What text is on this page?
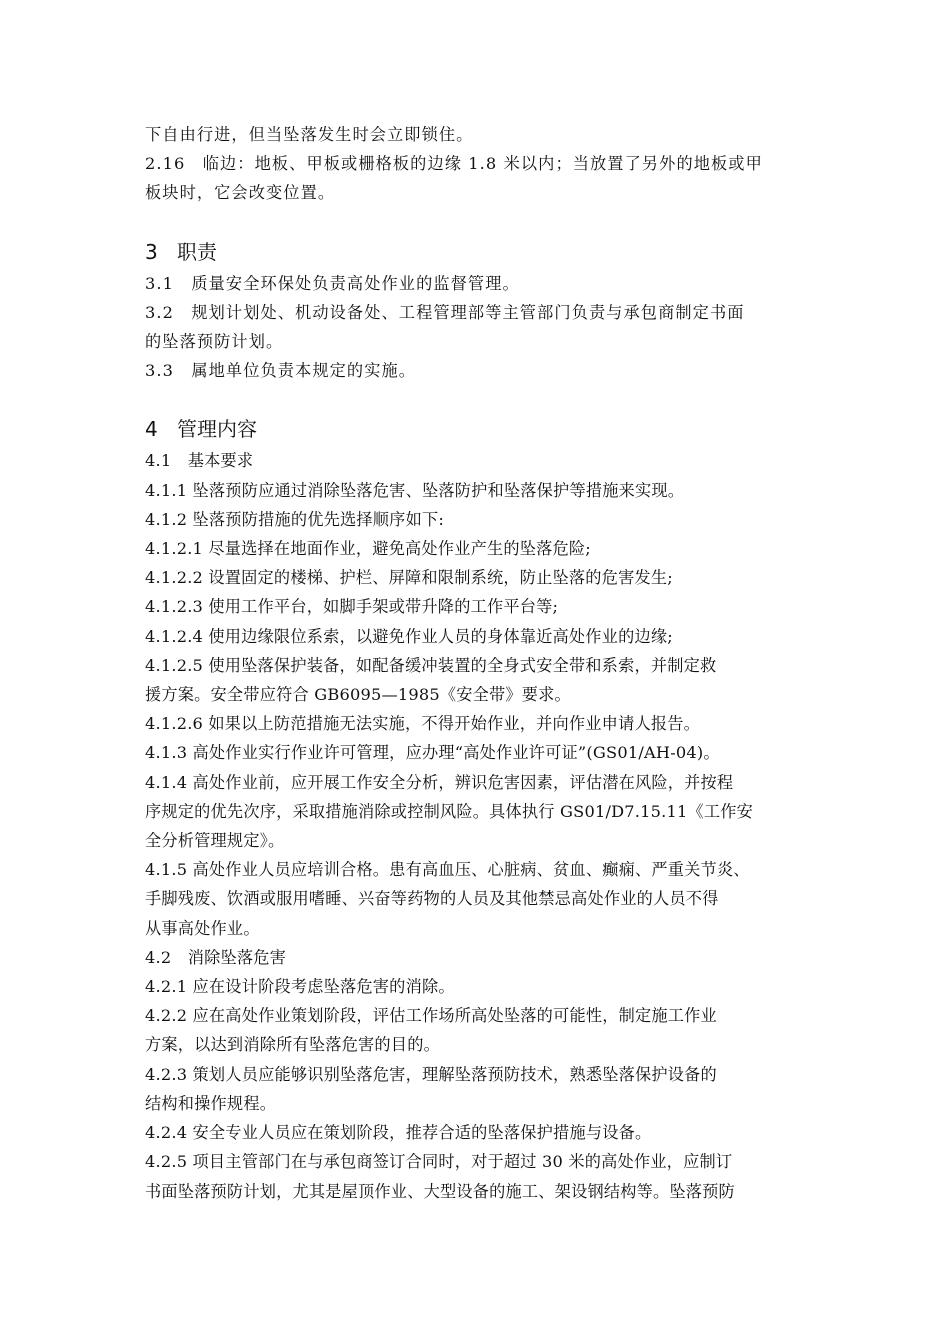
下自由行进，但当坠落发生时会立即锁住。
2.16　临边：地板、甲板或栅格板的边缘 1.8 米以内；当放置了另外的地板或甲
板块时，它会改变位置。
3 职责
3.1　质量安全环保处负责高处作业的监督管理。
3.2　规划计划处、机动设备处、工程管理部等主管部门负责与承包商制定书面
的坠落预防计划。
3.3　属地单位负责本规定的实施。
4 管理内容
4.1　基本要求
4.1.1 坠落预防应通过消除坠落危害、坠落防护和坠落保护等措施来实现。
4.1.2 坠落预防措施的优先选择顺序如下:
4.1.2.1 尽量选择在地面作业，避免高处作业产生的坠落危险;
4.1.2.2 设置固定的楼梯、护栏、屏障和限制系统，防止坠落的危害发生;
4.1.2.3 使用工作平台，如脚手架或带升降的工作平台等;
4.1.2.4 使用边缘限位系索，以避免作业人员的身体靠近高处作业的边缘;
4.1.2.5 使用坠落保护装备，如配备缓冲装置的全身式安全带和系索，并制定救
援方案。安全带应符合 GB6095—1985《安全带》要求。
4.1.2.6 如果以上防范措施无法实施，不得开始作业，并向作业申请人报告。
4.1.3 高处作业实行作业许可管理，应办理“高处作业许可证”(GS01/AH-04)。
4.1.4 高处作业前，应开展工作安全分析，辨识危害因素，评估潜在风险，并按程
序规定的优先次序，采取措施消除或控制风险。具体执行 GS01/D7.15.11《工作安
全分析管理规定》。
4.1.5 高处作业人员应培训合格。患有高血压、心脏病、贫血、癫痫、严重关节炎、
手脚残废、饮酒或服用嗜睡、兴奋等药物的人员及其他禁忌高处作业的人员不得
从事高处作业。
4.2　消除坠落危害
4.2.1 应在设计阶段考虑坠落危害的消除。
4.2.2 应在高处作业策划阶段，评估工作场所高处坠落的可能性，制定施工作业
方案，以达到消除所有坠落危害的目的。
4.2.3 策划人员应能够识别坠落危害，理解坠落预防技术，熟悉坠落保护设备的
结构和操作规程。
4.2.4 安全专业人员应在策划阶段，推荐合适的坠落保护措施与设备。
4.2.5 项目主管部门在与承包商签订合同时，对于超过 30 米的高处作业，应制订
书面坠落预防计划，尤其是屋顶作业、大型设备的施工、架设钢结构等。坠落预防
